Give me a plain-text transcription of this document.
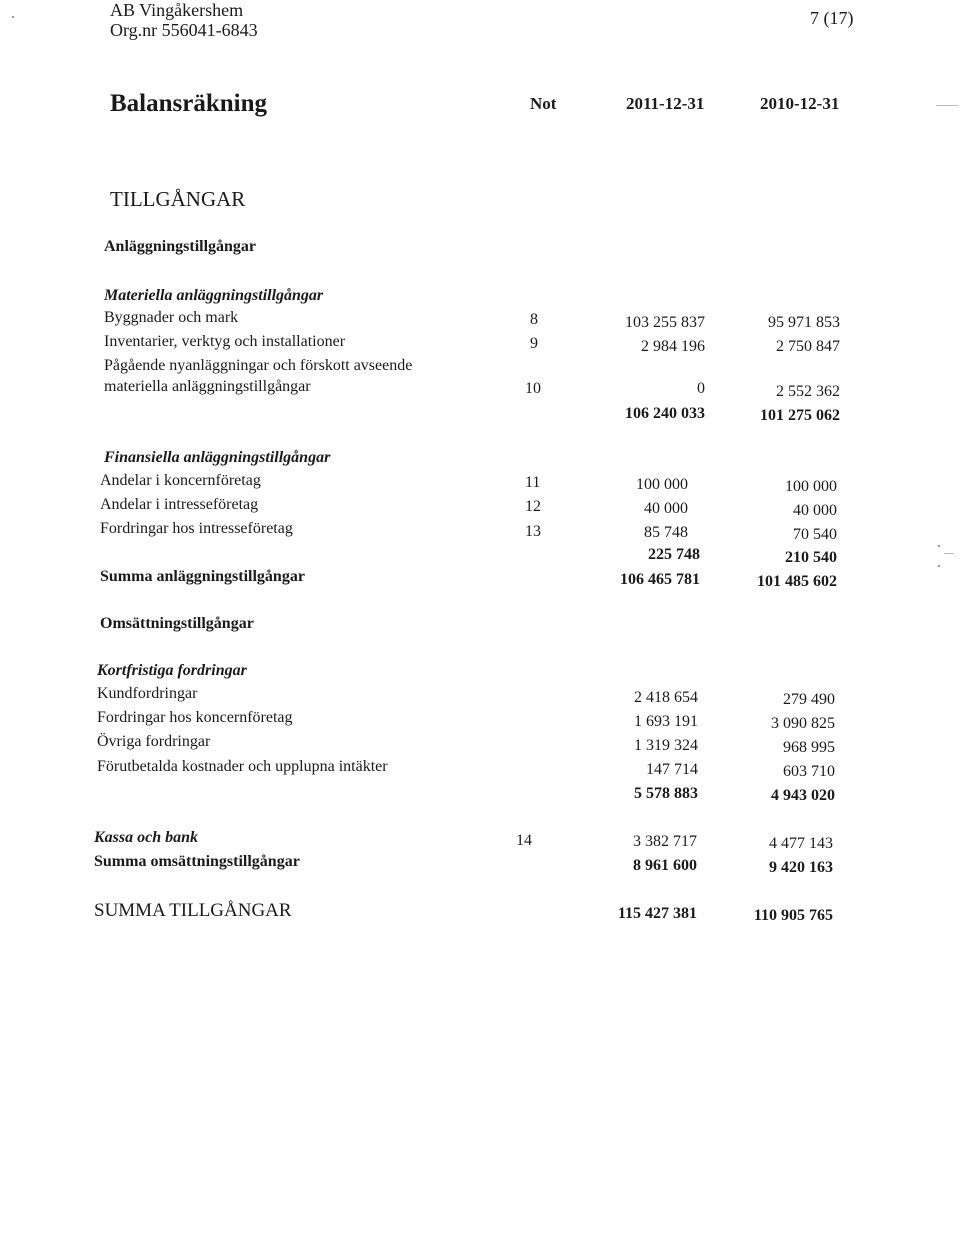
AB Vingåkershem
Org.nr 556041-6843
7 (17)
Balansräkning	Not	2011-12-31	2010-12-31
TILLGÅNGAR
Anläggningstillgångar
Materiella anläggningstillgångar
Byggnader och mark	8	103 255 837	95 971 853
Inventarier, verktyg och installationer	9	2 984 196	2 750 847
Pågående nyanläggningar och förskott avseende
materiella anläggningstillgångar	10	0	2 552 362
106 240 033	101 275 062
Finansiella anläggningstillgångar
Andelar i koncernföretag	11	100 000	100 000
Andelar i intresseföretag	12	40 000	40 000
Fordringar hos intresseföretag	13	85 748	70 540
225 748	210 540
Summa anläggningstillgångar	106 465 781	101 485 602
Omsättningstillgångar
Kortfristiga fordringar
Kundfordringar	2 418 654	279 490
Fordringar hos koncernföretag	1 693 191	3 090 825
Övriga fordringar	1 319 324	968 995
Förutbetalda kostnader och upplupna intäkter	147 714	603 710
5 578 883	4 943 020
Kassa och bank	14	3 382 717	4 477 143
Summa omsättningstillgångar	8 961 600	9 420 163
SUMMA TILLGÅNGAR	115 427 381	110 905 765
